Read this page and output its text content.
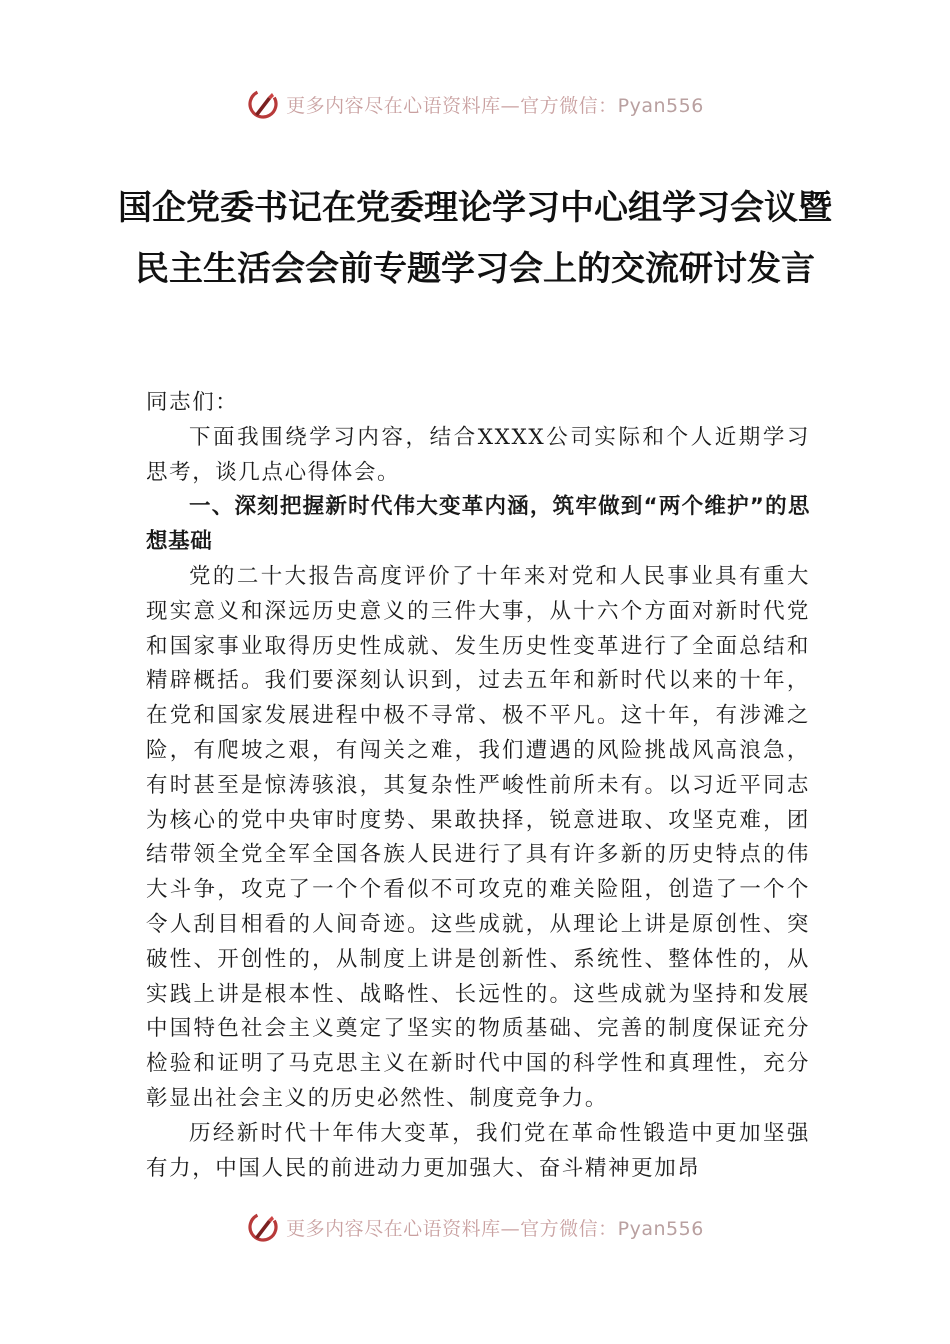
更多内容尽在心语资料库—官方微信：Pyan556
国企党委书记在党委理论学习中心组学习会议暨民主生活会会前专题学习会上的交流研讨发言

同志们：

下面我围绕学习内容，结合XXXX公司实际和个人近期学习思考，谈几点心得体会。

一、深刻把握新时代伟大变革内涵，筑牢做到“两个维护”的思想基础

党的二十大报告高度评价了十年来对党和人民事业具有重大现实意义和深远历史意义的三件大事，从十六个方面对新时代党和国家事业取得历史性成就、发生历史性变革进行了全面总结和精辟概括。我们要深刻认识到，过去五年和新时代以来的十年，在党和国家发展进程中极不寻常、极不平凡。这十年，有涉滩之险，有爬坡之艰，有闯关之难，我们遭遇的风险挑战风高浪急，有时甚至是惊涛骇浪，其复杂性严峻性前所未有。以习近平同志为核心的党中央审时度势、果敢抉择，锐意进取、攻坚克难，团结带领全党全军全国各族人民进行了具有许多新的历史特点的伟大斗争，攻克了一个个看似不可攻克的难关险阻，创造了一个个令人刮目相看的人间奇迹。这些成就，从理论上讲是原创性、突破性、开创性的，从制度上讲是创新性、系统性、整体性的，从实践上讲是根本性、战略性、长远性的。这些成就为坚持和发展中国特色社会主义奠定了坚实的物质基础、完善的制度保证充分检验和证明了马克思主义在新时代中国的科学性和真理性，充分彰显出社会主义的历史必然性、制度竞争力。

历经新时代十年伟大变革，我们党在革命性锻造中更加坚强有力，中国人民的前进动力更加强大、奋斗精神更加昂

更多内容尽在心语资料库—官方微信：Pyan556
